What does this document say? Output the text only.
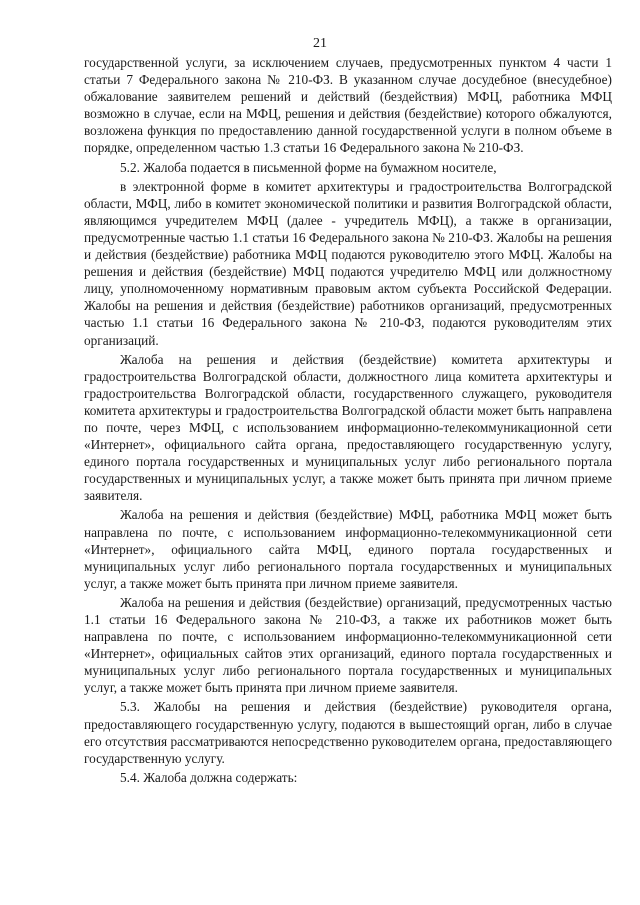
21

государственной услуги, за исключением случаев, предусмотренных пунктом 4 части 1 статьи 7 Федерального закона № 210-ФЗ. В указанном случае досудебное (внесудебное) обжалование заявителем решений и действий (бездействия) МФЦ, работника МФЦ возможно в случае, если на МФЦ, решения и действия (бездействие) которого обжалуются, возложена функция по предоставлению данной государственной услуги в полном объеме в порядке, определенном частью 1.3 статьи 16 Федерального закона № 210-ФЗ.

5.2. Жалоба подается в письменной форме на бумажном носителе,

в электронной форме в комитет архитектуры и градостроительства Волгоградской области, МФЦ, либо в комитет экономической политики и развития Волгоградской области, являющимся учредителем МФЦ (далее - учредитель МФЦ), а также в организации, предусмотренные частью 1.1 статьи 16 Федерального закона № 210-ФЗ. Жалобы на решения и действия (бездействие) работника МФЦ подаются руководителю этого МФЦ. Жалобы на решения и действия (бездействие) МФЦ подаются учредителю МФЦ или должностному лицу, уполномоченному нормативным правовым актом субъекта Российской Федерации. Жалобы на решения и действия (бездействие) работников организаций, предусмотренных частью 1.1 статьи 16 Федерального закона № 210-ФЗ, подаются руководителям этих организаций.

Жалоба на решения и действия (бездействие) комитета архитектуры и градостроительства Волгоградской области, должностного лица комитета архитектуры и градостроительства Волгоградской области, государственного служащего, руководителя комитета архитектуры и градостроительства Волгоградской области может быть направлена по почте, через МФЦ, с использованием информационно-телекоммуникационной сети «Интернет», официального сайта органа, предоставляющего государственную услугу, единого портала государственных и муниципальных услуг либо регионального портала государственных и муниципальных услуг, а также может быть принята при личном приеме заявителя.

Жалоба на решения и действия (бездействие) МФЦ, работника МФЦ может быть направлена по почте, с использованием информационно-телекоммуникационной сети «Интернет», официального сайта МФЦ, единого портала государственных и муниципальных услуг либо регионального портала государственных и муниципальных услуг, а также может быть принята при личном приеме заявителя.

Жалоба на решения и действия (бездействие) организаций, предусмотренных частью 1.1 статьи 16 Федерального закона № 210-ФЗ, а также их работников может быть направлена по почте, с использованием информационно-телекоммуникационной сети «Интернет», официальных сайтов этих организаций, единого портала государственных и муниципальных услуг либо регионального портала государственных и муниципальных услуг, а также может быть принята при личном приеме заявителя.

5.3. Жалобы на решения и действия (бездействие) руководителя органа, предоставляющего государственную услугу, подаются в вышестоящий орган, либо в случае его отсутствия рассматриваются непосредственно руководителем органа, предоставляющего государственную услугу.

5.4. Жалоба должна содержать:
